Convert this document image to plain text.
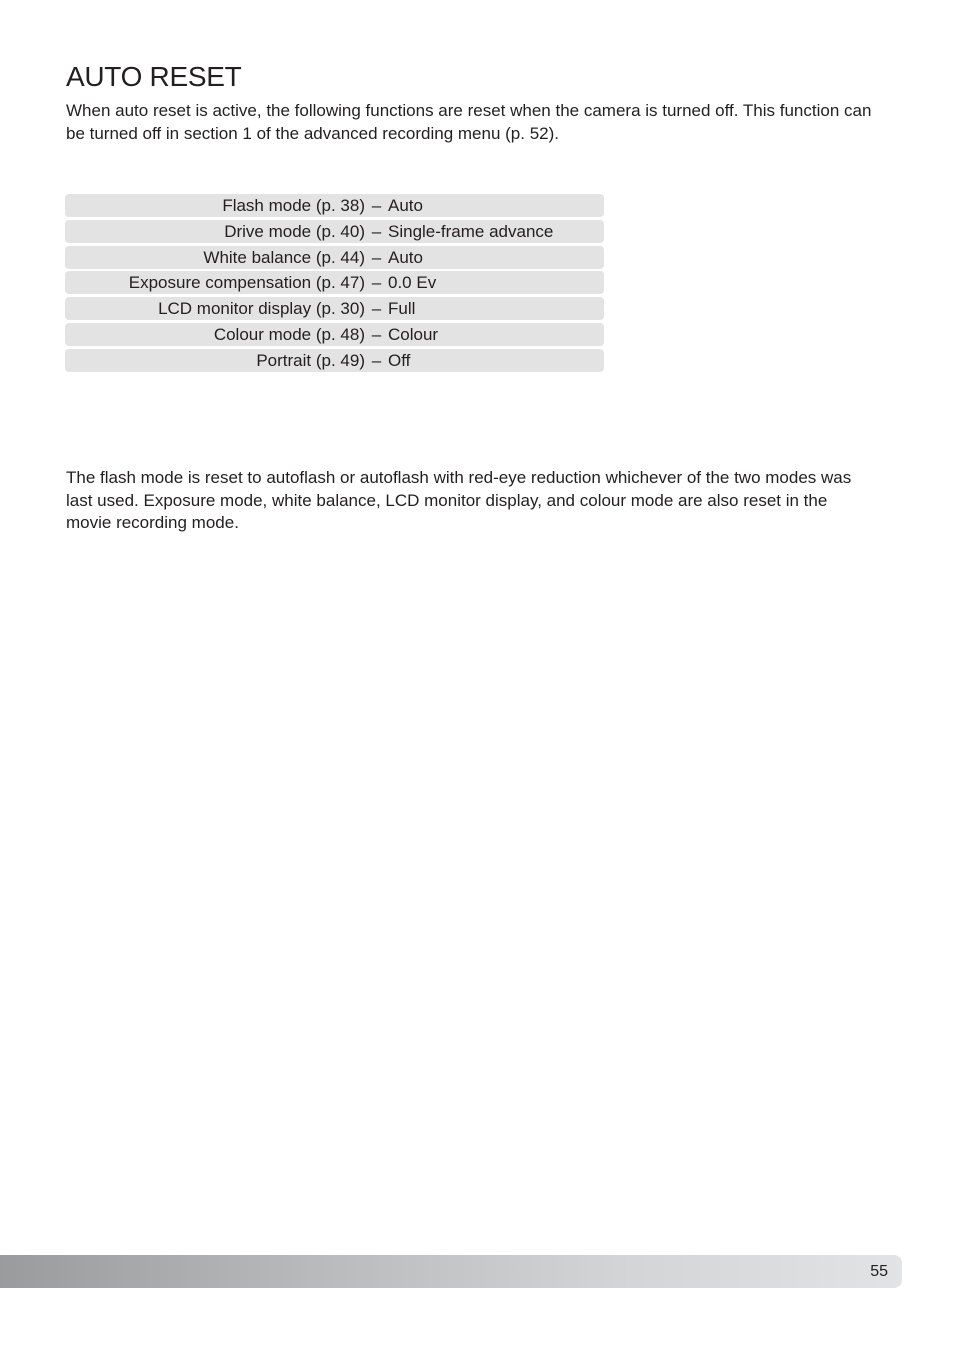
AUTO RESET

When auto reset is active, the following functions are reset when the camera is turned off. This function can be turned off in section 1 of the advanced recording menu (p. 52).

Flash mode (p. 38) – Auto
Drive mode (p. 40) – Single-frame advance
White balance (p. 44) – Auto
Exposure compensation (p. 47) – 0.0 Ev
LCD monitor display (p. 30) – Full
Colour mode (p. 48) – Colour
Portrait (p. 49) – Off

The flash mode is reset to autoflash or autoflash with red-eye reduction whichever of the two modes was last used. Exposure mode, white balance, LCD monitor display, and colour mode are also reset in the movie recording mode.

55
